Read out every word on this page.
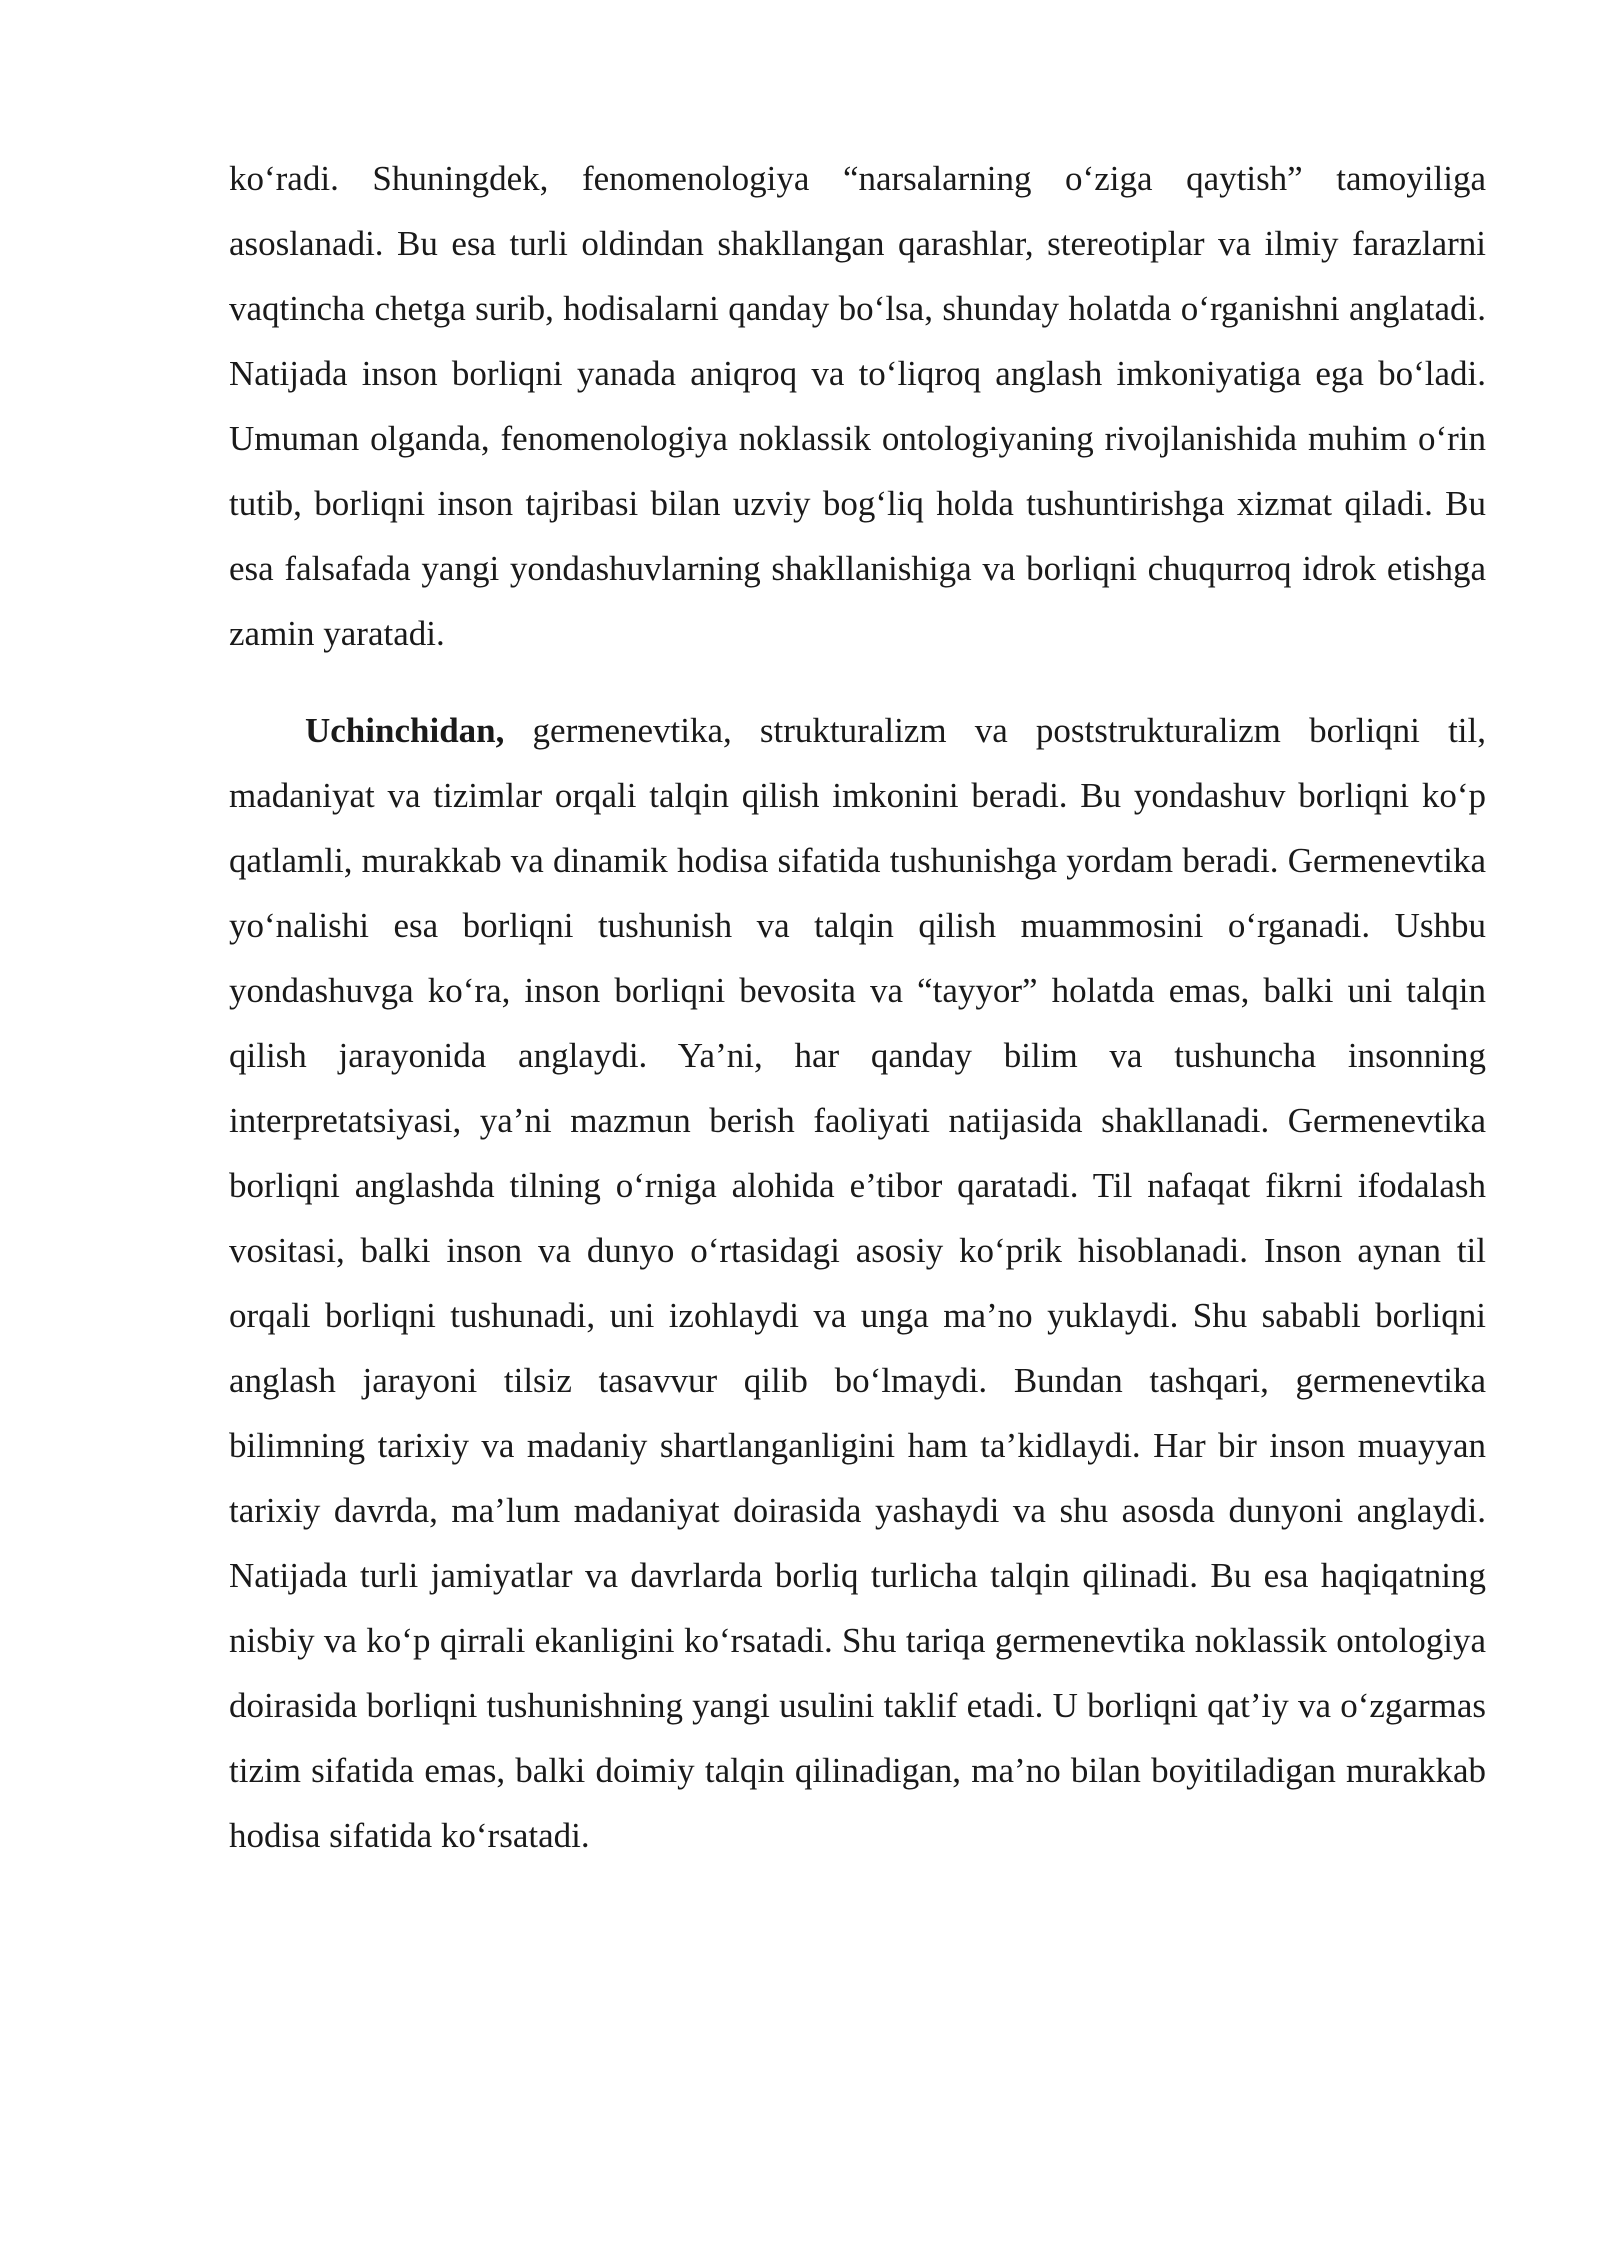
ko‘radi. Shuningdek, fenomenologiya “narsalarning o‘ziga qaytish” tamoyiliga asoslanadi. Bu esa turli oldindan shakllangan qarashlar, stereotiplar va ilmiy farazlarni vaqtincha chetga surib, hodisalarni qanday bo‘lsa, shunday holatda o‘rganishni anglatadi. Natijada inson borliqni yanada aniqroq va to‘liqroq anglash imkoniyatiga ega bo‘ladi. Umuman olganda, fenomenologiya noklassik ontologiyaning rivojlanishida muhim o‘rin tutib, borliqni inson tajribasi bilan uzviy bog‘liq holda tushuntirishga xizmat qiladi. Bu esa falsafada yangi yondashuvlarning shakllanishiga va borliqni chuqurroq idrok etishga zamin yaratadi.

Uchinchidan, germenevtika, strukturalizm va poststrukturalizm borliqni til, madaniyat va tizimlar orqali talqin qilish imkonini beradi. Bu yondashuv borliqni ko‘p qatlamli, murakkab va dinamik hodisa sifatida tushunishga yordam beradi. Germenevtika yo‘nalishi esa borliqni tushunish va talqin qilish muammosini o‘rganadi. Ushbu yondashuvga ko‘ra, inson borliqni bevosita va “tayyor” holatda emas, balki uni talqin qilish jarayonida anglaydi. Ya’ni, har qanday bilim va tushuncha insonning interpretatsiyasi, ya’ni mazmun berish faoliyati natijasida shakllanadi. Germenevtika borliqni anglashda tilning o‘rniga alohida e’tibor qaratadi. Til nafaqat fikrni ifodalash vositasi, balki inson va dunyo o‘rtasidagi asosiy ko‘prik hisoblanadi. Inson aynan til orqali borliqni tushunadi, uni izohlaydi va unga ma’no yuklaydi. Shu sababli borliqni anglash jarayoni tilsiz tasavvur qilib bo‘lmaydi. Bundan tashqari, germenevtika bilimning tarixiy va madaniy shartlanganligini ham ta’kidlaydi. Har bir inson muayyan tarixiy davrda, ma’lum madaniyat doirasida yashaydi va shu asosda dunyoni anglaydi. Natijada turli jamiyatlar va davrlarda borliq turlicha talqin qilinadi. Bu esa haqiqatning nisbiy va ko‘p qirrali ekanligini ko‘rsatadi. Shu tariqa germenevtika noklassik ontologiya doirasida borliqni tushunishning yangi usulini taklif etadi. U borliqni qat’iy va o‘zgarmas tizim sifatida emas, balki doimiy talqin qilinadigan, ma’no bilan boyitiladigan murakkab hodisa sifatida ko‘rsatadi.
